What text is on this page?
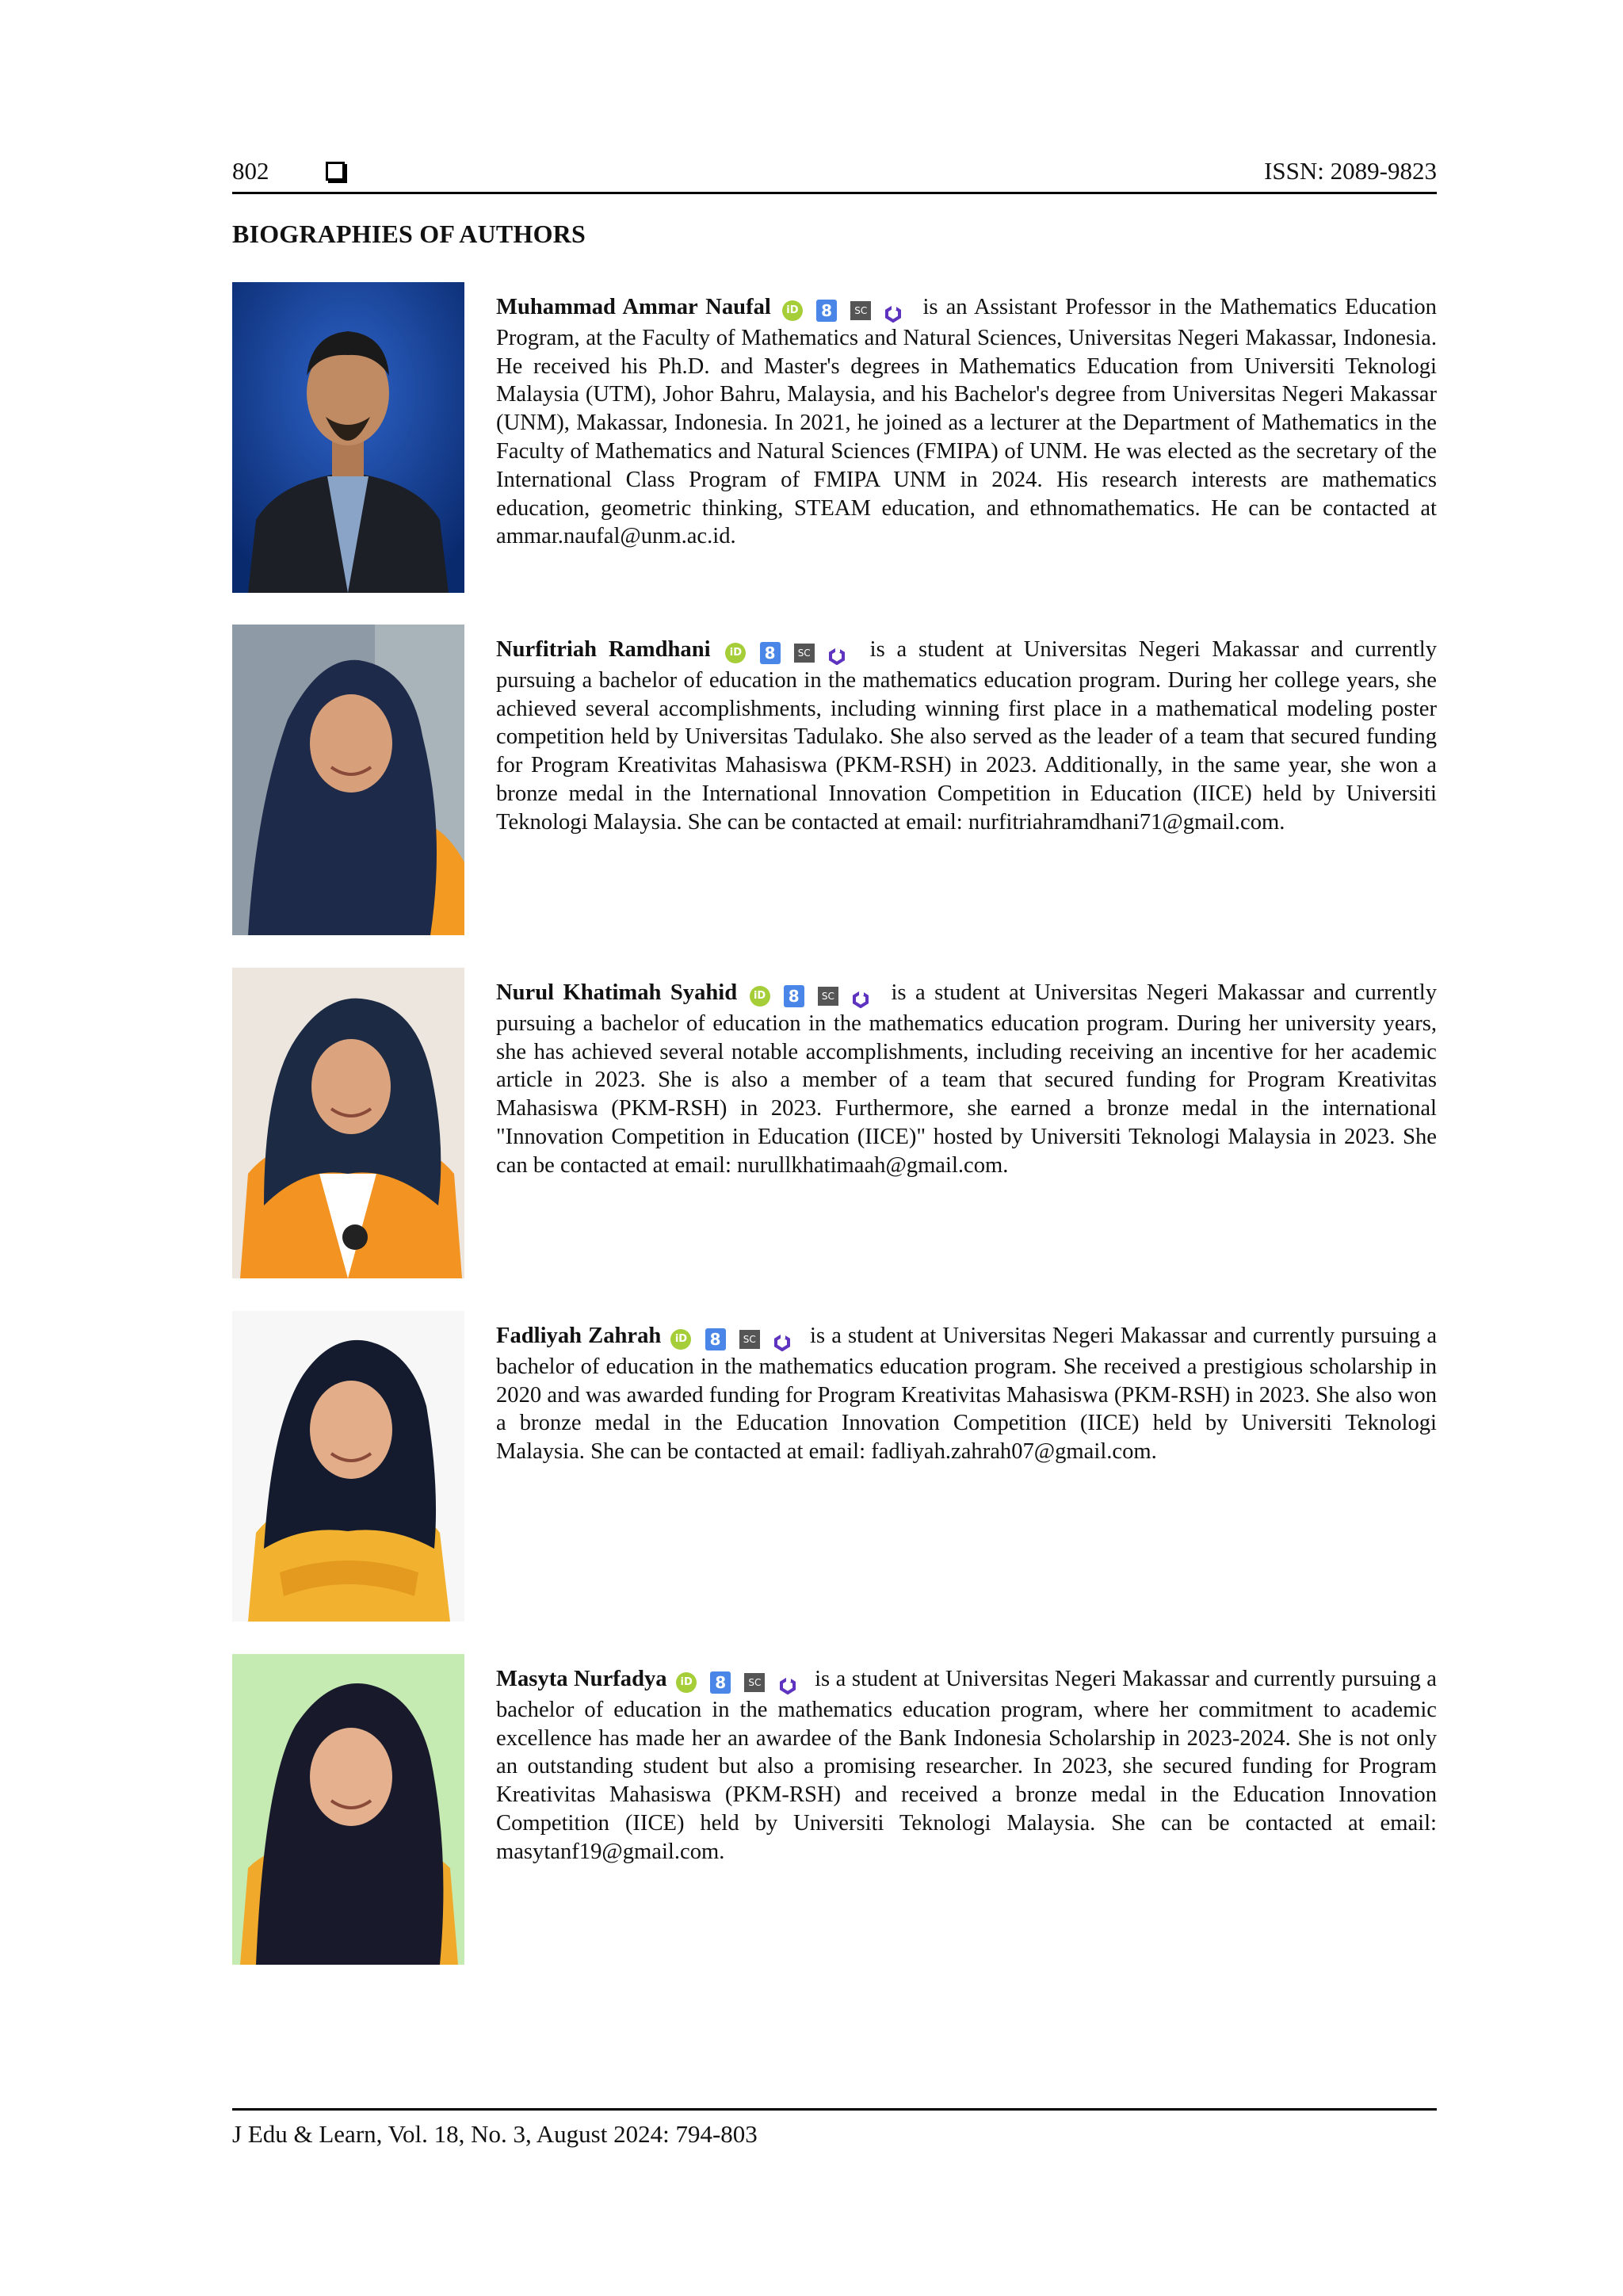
802	ISSN: 2089-9823
BIOGRAPHIES OF AUTHORS
Muhammad Ammar Naufal iD 8 SC is an Assistant Professor in the Mathematics Education Program, at the Faculty of Mathematics and Natural Sciences, Universitas Negeri Makassar, Indonesia. He received his Ph.D. and Master's degrees in Mathematics Education from Universiti Teknologi Malaysia (UTM), Johor Bahru, Malaysia, and his Bachelor's degree from Universitas Negeri Makassar (UNM), Makassar, Indonesia. In 2021, he joined as a lecturer at the Department of Mathematics in the Faculty of Mathematics and Natural Sciences (FMIPA) of UNM. He was elected as the secretary of the International Class Program of FMIPA UNM in 2024. His research interests are mathematics education, geometric thinking, STEAM education, and ethnomathematics. He can be contacted at ammar.naufal@unm.ac.id.
Nurfitriah Ramdhani iD 8 SC	is a student at Universitas Negeri Makassar and currently pursuing a bachelor of education in the mathematics education program. During her college years, she achieved several accomplishments, including winning first place in a mathematical modeling poster competition held by Universitas Tadulako. She also served as the leader of a team that secured funding for Program Kreativitas Mahasiswa (PKM-RSH) in 2023. Additionally, in the same year, she won a bronze medal in the International Innovation Competition in Education (IICE) held by Universiti Teknologi Malaysia. She can be contacted at email: nurfitriahramdhani71@gmail.com.
Nurul Khatimah Syahid iD 8 SC	is a student at Universitas Negeri Makassar and currently pursuing a bachelor of education in the mathematics education program. During her university years, she has achieved several notable accomplishments, including receiving an incentive for her academic article in 2023. She is also a member of a team that secured funding for Program Kreativitas Mahasiswa (PKM-RSH) in 2023. Furthermore, she earned a bronze medal in the international "Innovation Competition in Education (IICE)" hosted by Universiti Teknologi Malaysia in 2023. She can be contacted at email: nurullkhatimaah@gmail.com.
Fadliyah Zahrah iD 8 SC is a student at Universitas Negeri Makassar and currently pursuing a bachelor of education in the mathematics education program. She received a prestigious scholarship in 2020 and was awarded funding for Program Kreativitas Mahasiswa (PKM-RSH) in 2023. She also won a bronze medal in the Education Innovation Competition (IICE) held by Universiti Teknologi Malaysia. She can be contacted at email: fadliyah.zahrah07@gmail.com.
Masyta Nurfadya iD 8 SC is a student at Universitas Negeri Makassar and currently pursuing a bachelor of education in the mathematics education program, where her commitment to academic excellence has made her an awardee of the Bank Indonesia Scholarship in 2023-2024. She is not only an outstanding student but also a promising researcher. In 2023, she secured funding for Program Kreativitas Mahasiswa (PKM-RSH) and received a bronze medal in the Education Innovation Competition (IICE) held by Universiti Teknologi Malaysia. She can be contacted at email: masytanf19@gmail.com.
J Edu & Learn, Vol. 18, No. 3, August 2024: 794-803
